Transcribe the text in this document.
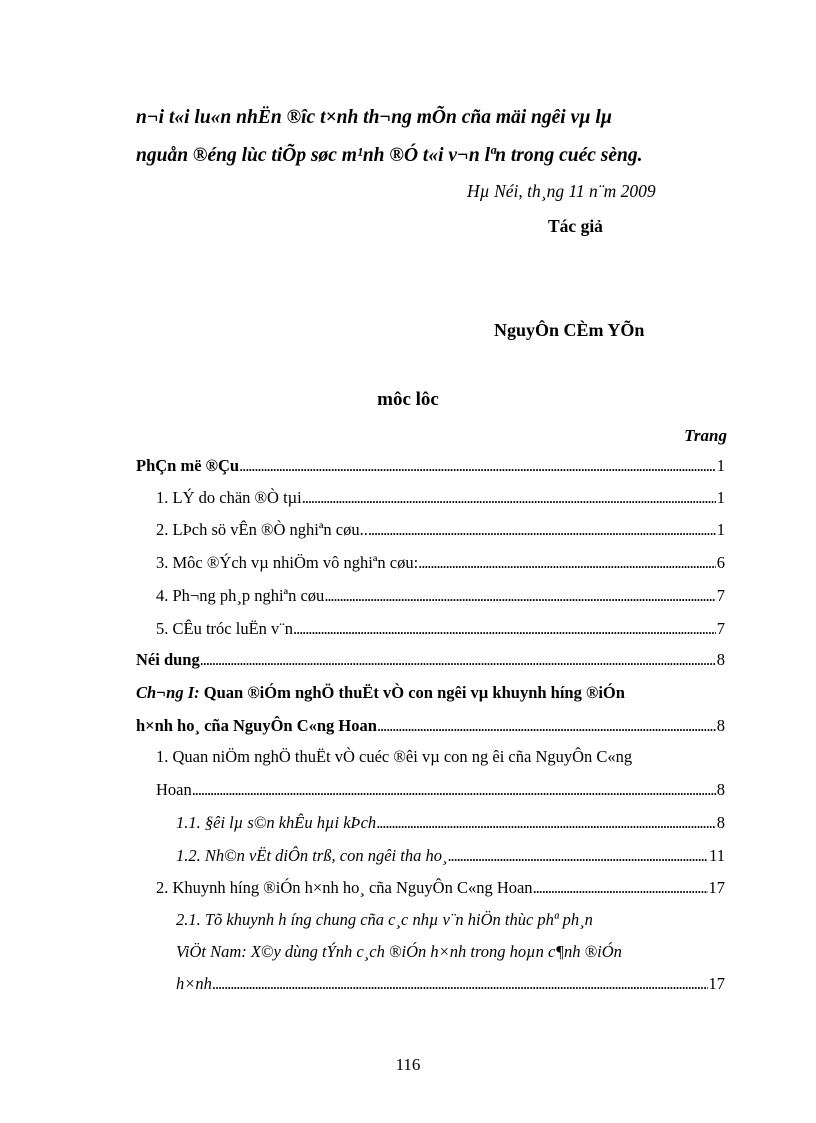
n¬i t«i lu«n nhËn ®îc t×nh th¬ng mÕn cña mäi ngêi vµ lµ
nguån ®éng lùc tiÕp søc m¹nh ®Ó t«i v¬n lªn trong cuéc sèng.
Hµ Néi, th¸ng 11 n¨m 2009
Tác giả
NguyÔn CÈm YÕn
môc lôc
Trang
PhÇn më ®Çu . . .	1
1. LÝ do chän ®Ò tµi . . .	1
2. LÞch sö vÊn ®Ò nghiªn cøu.. . . .	1
3. Môc ®Ých vµ nhiÖm vô nghiªn cøu: . . .	6
4. Ph¬ng ph¸p nghiªn cøu . . .	7
5. CÊu tróc luËn v¨n . . .	7
Néi dung . . .	8
Ch¬ng I: Quan ®iÓm nghÖ thuËt vÒ con ngêi vµ khuynh híng ®iÓn
h×nh ho¸ cña NguyÔn C«ng Hoan . . .	8
1. Quan niÖm nghÖ thuËt vÒ cuéc ®êi vµ con ng êi cña NguyÔn C«ng
Hoan . . .	8
1.1. §êi lµ s©n khÊu hµi kÞch . . .	8
1.2. Nh©n vËt diÔn trß, con ngêi tha ho¸ . . .	11
2. Khuynh híng ®iÓn h×nh ho¸ cña NguyÔn C«ng Hoan . . .	17
2.1. Tõ khuynh h íng chung cña c¸c nhµ v¨n hiÖn thùc phª ph¸n
ViÖt Nam: X©y dùng tÝnh c¸ch ®iÓn h×nh trong hoµn c¶nh ®iÓn
h×nh . . .	17
116
